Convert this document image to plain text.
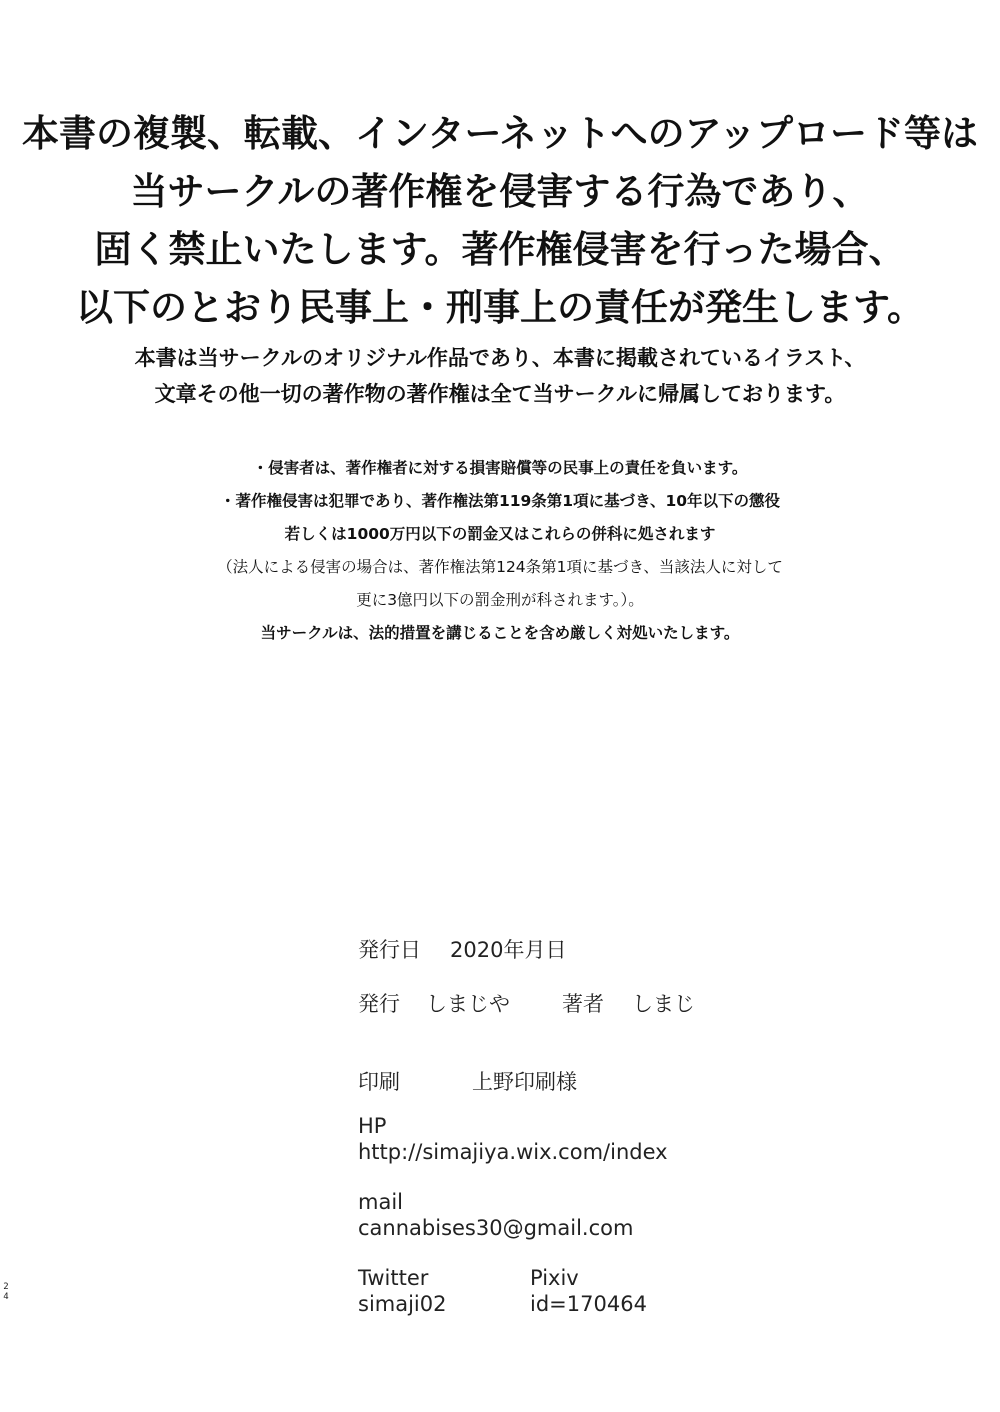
本書の複製、転載、インターネットへのアップロード等は
当サークルの著作権を侵害する行為であり、
固く禁止いたします。著作権侵害を行った場合、
以下のとおり民事上・刑事上の責任が発生します。
本書は当サークルのオリジナル作品であり、本書に掲載されているイラスト、
文章その他一切の著作物の著作権は全て当サークルに帰属しております。
・侵害者は、著作権者に対する損害賠償等の民事上の責任を負います。
・著作権侵害は犯罪であり、著作権法第119条第1項に基づき、10年以下の懲役
若しくは1000万円以下の罰金又はこれらの併科に処されます
（法人による侵害の場合は、著作権法第124条第1項に基づき、当該法人に対して
更に3億円以下の罰金刑が科されます。）。
当サークルは、法的措置を講じることを含め厳しく対処いたします。
発行日 2020年月日
発行 しまじや 著者 しまじ
印刷	上野印刷様
HP
http://simajiya.wix.com/index
mail
cannabises30@gmail.com
Twitter	Pixiv
simaji02	id=170464
2
4
